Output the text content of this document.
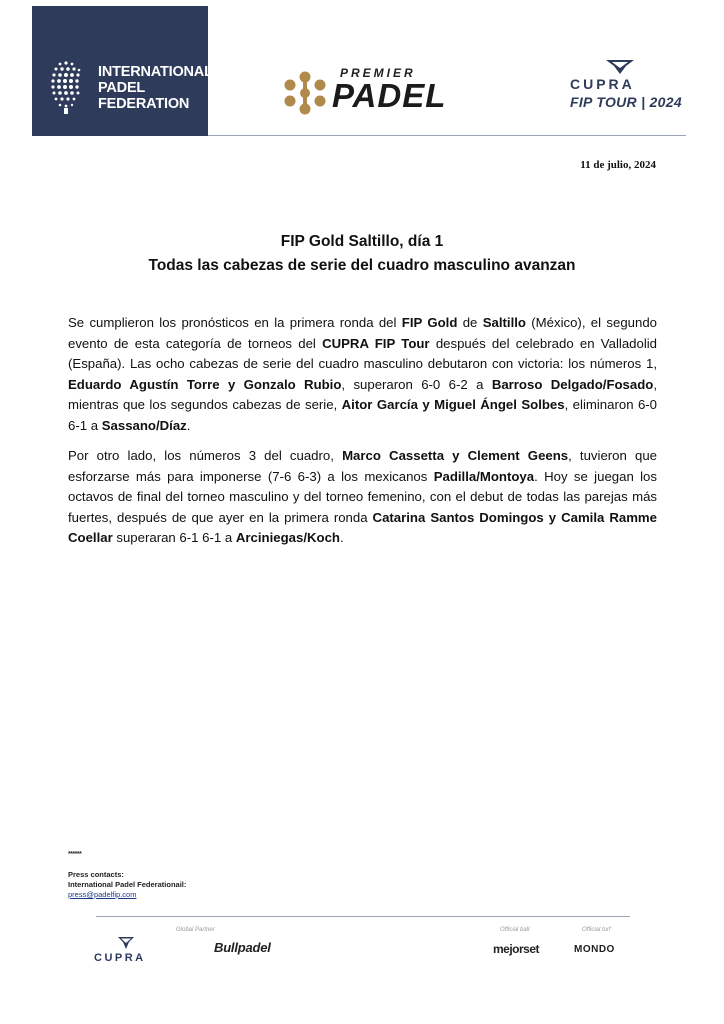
INTERNATIONAL
PADEL
FEDERATION
PREMIER
PADEL	CUPRA
FIP TOUR | 2024
11 de julio, 2024
FIP Gold Saltillo, día 1
Todas las cabezas de serie del cuadro masculino avanzan
Se cumplieron los pronósticos en la primera ronda del FIP Gold de Saltillo (México), el segundo evento de esta categoría de torneos del CUPRA FIP Tour después del celebrado en Valladolid (España). Las ocho cabezas de serie del cuadro masculino debutaron con victoria: los números 1, Eduardo Agustín Torre y Gonzalo Rubio, superaron 6-0 6-2 a Barroso Delgado/Fosado, mientras que los segundos cabezas de serie, Aitor García y Miguel Ángel Solbes, eliminaron 6-0 6-1 a Sassano/Díaz.
Por otro lado, los números 3 del cuadro, Marco Cassetta y Clement Geens, tuvieron que esforzarse más para imponerse (7-6 6-3) a los mexicanos Padilla/Montoya. Hoy se juegan los octavos de final del torneo masculino y del torneo femenino, con el debut de todas las parejas más fuertes, después de que ayer en la primera ronda Catarina Santos Domingos y Camila Ramme Coellar superaran 6-1 6-1 a Arciniegas/Koch.
******
Press contacts:
International Padel Federationail:
press@padelfip.com
Global Partner	Official ball	Official turf
CUPRA
Bullpadel	mejorset	MONDO
